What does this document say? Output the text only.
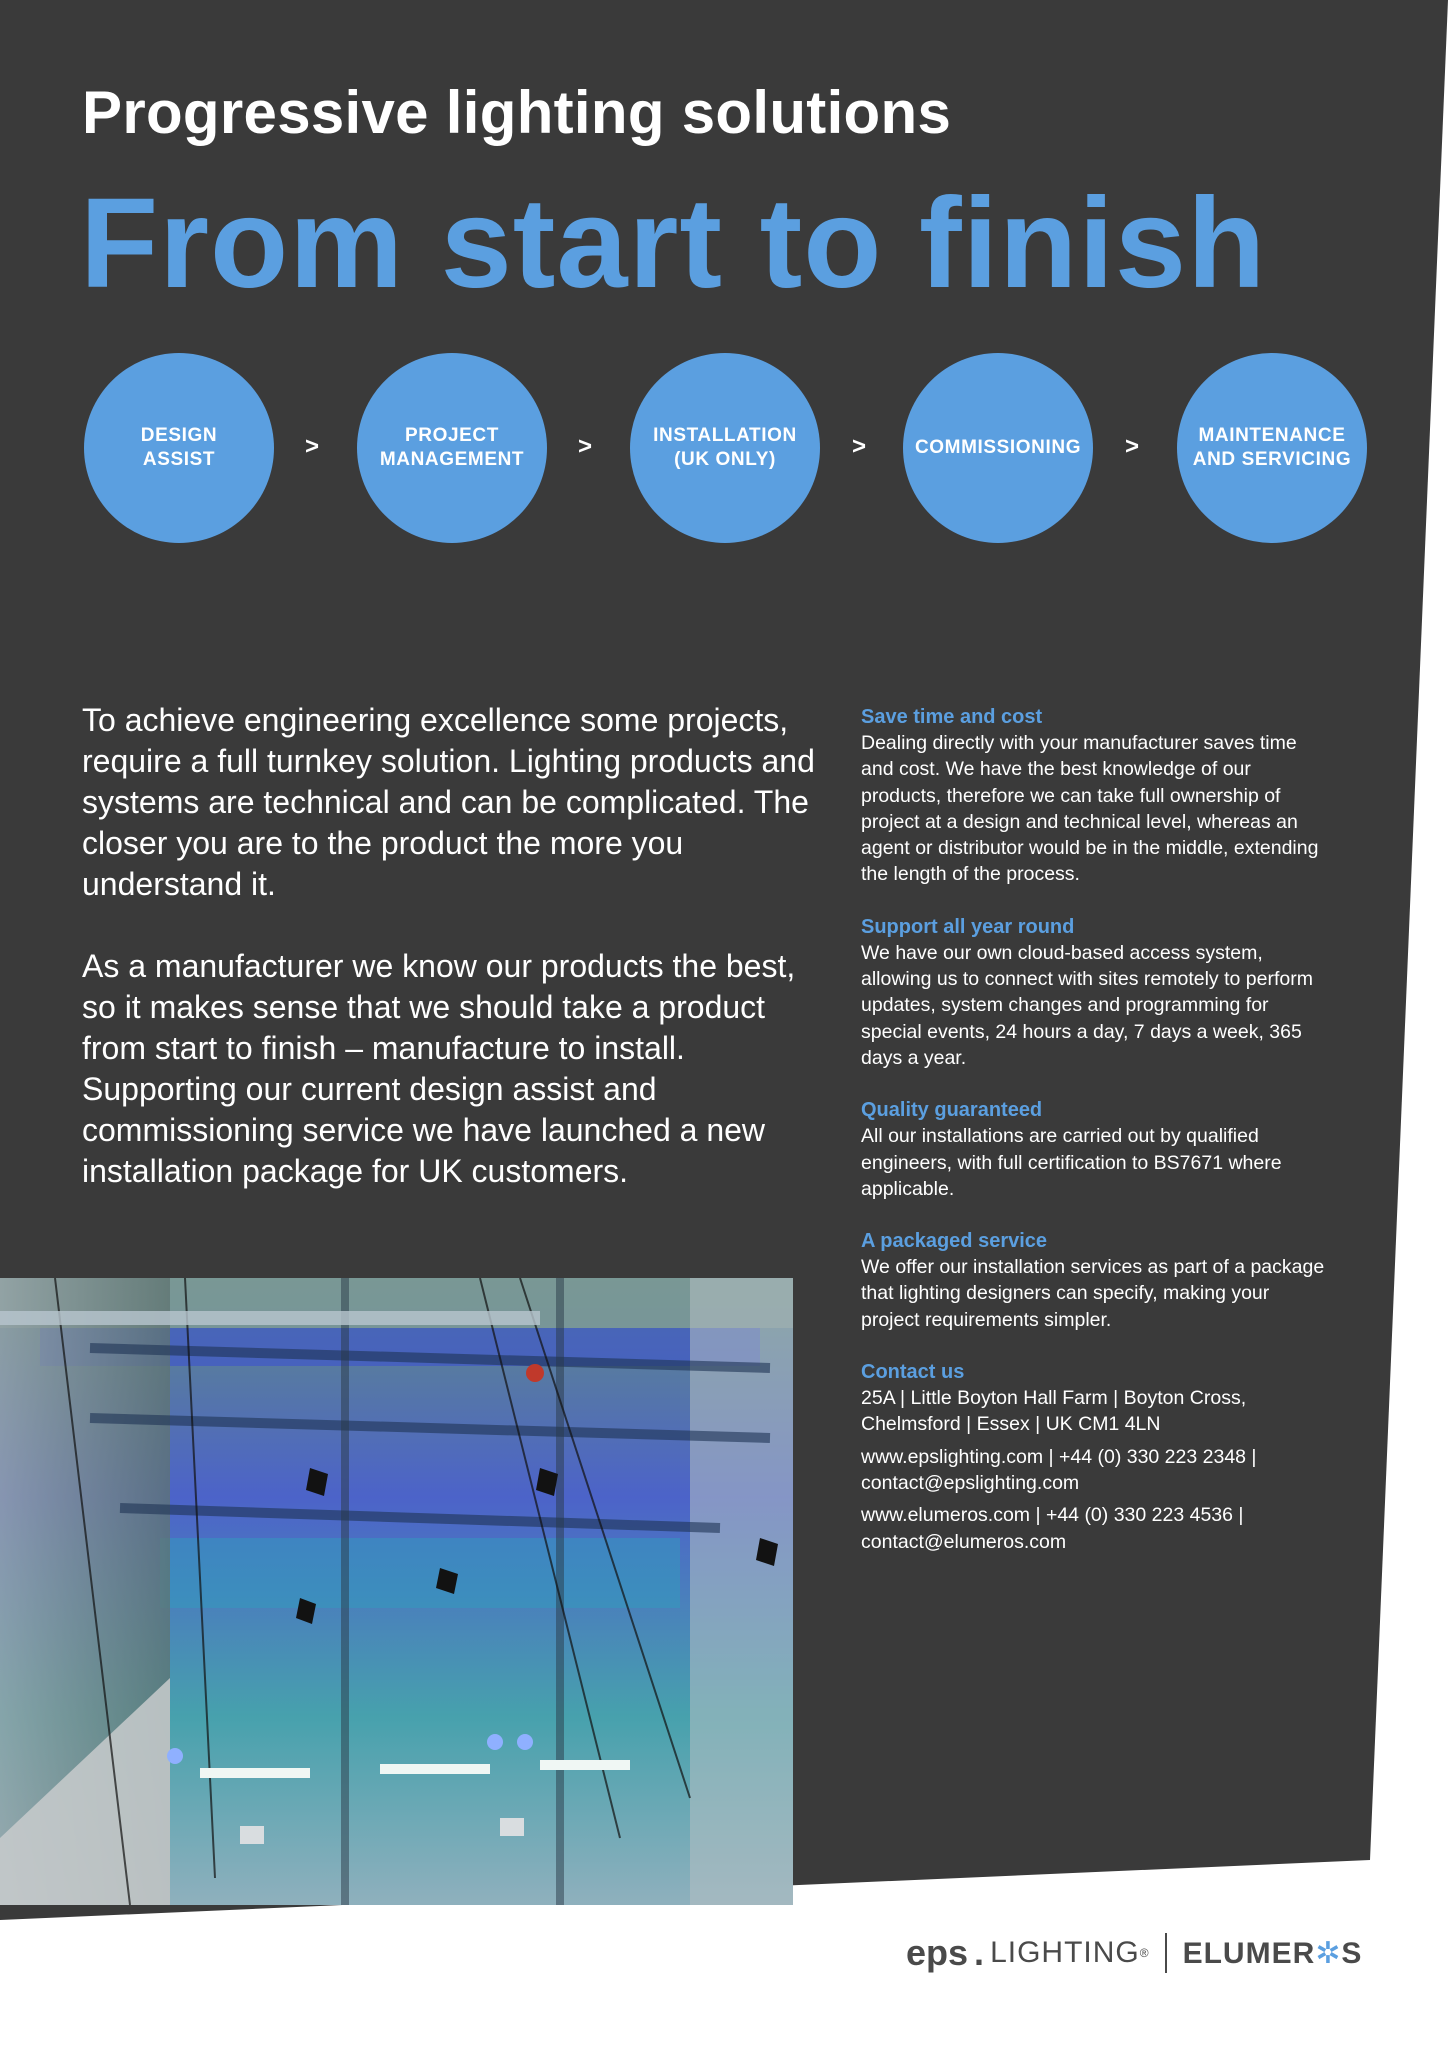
Progressive lighting solutions
From start to finish
DESIGN
ASSIST	>	PROJECT
MANAGEMENT	>	INSTALLATION
(UK ONLY)	>	COMMISSIONING	>	MAINTENANCE
AND SERVICING

To achieve engineering excellence some projects, require a full turnkey solution. Lighting products and systems are technical and can be complicated. The closer you are to the product the more you understand it.

As a manufacturer we know our products the best, so it makes sense that we should take a product from start to finish – manufacture to install. Supporting our current design assist and commissioning service we have launched a new installation package for UK customers.

Save time and cost

Dealing directly with your manufacturer saves time and cost. We have the best knowledge of our products, therefore we can take full ownership of project at a design and technical level, whereas an agent or distributor would be in the middle, extending the length of the process.

Support all year round

We have our own cloud-based access system, allowing us to connect with sites remotely to perform updates, system changes and programming for special events, 24 hours a day, 7 days a week, 365 days a year.

Quality guaranteed

All our installations are carried out by qualified engineers, with full certification to BS7671 where applicable.

A packaged service

We offer our installation services as part of a package that lighting designers can specify, making your project requirements simpler.

Contact us

25A | Little Boyton Hall Farm | Boyton Cross,

Chelmsford | Essex | UK CM1 4LN

www.epslighting.com | +44 (0) 330 223 2348 |

contact@epslighting.com

www.elumeros.com | +44 (0) 330 223 4536 |

contact@elumeros.com

eps . LIGHTING ® ELUMER✲S
